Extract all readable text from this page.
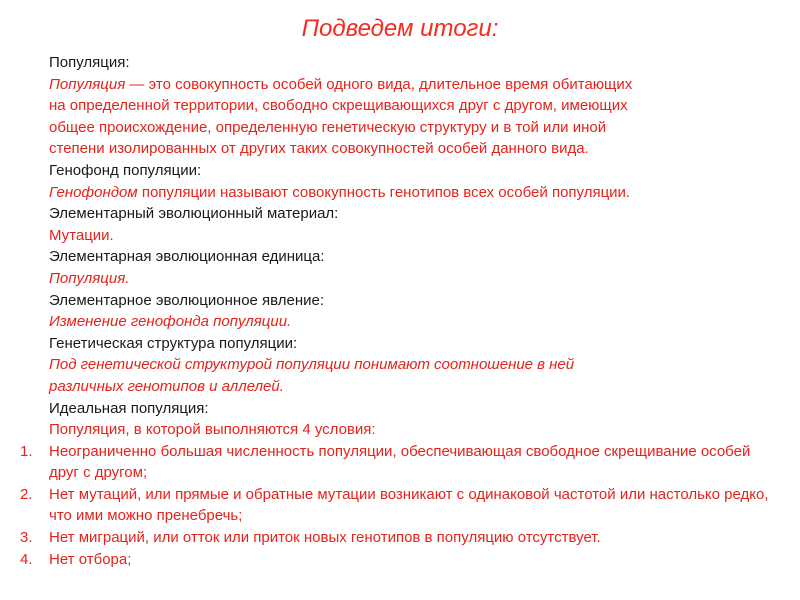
Подведем итоги:
Популяция:
Популяция — это совокупность особей одного вида, длительное время обитающих
на определенной территории, свободно скрещивающихся друг с другом, имеющих
общее происхождение, определенную генетическую структуру и в той или иной
степени изолированных от других таких совокупностей особей данного вида.
Генофонд популяции:
Генофондом популяции называют совокупность генотипов всех особей популяции.
Элементарный эволюционный материал:
Мутации.
Элементарная эволюционная единица:
Популяция.
Элементарное эволюционное явление:
Изменение генофонда популяции.
Генетическая структура популяции:
Под генетической структурой популяции понимают соотношение в ней
различных генотипов и аллелей.
Идеальная популяция:
Популяция, в которой выполняются 4 условия:
1.	Неограниченно большая численность популяции, обеспечивающая свободное скрещивание особей друг с другом;
2.	Нет мутаций, или прямые и обратные мутации возникают с одинаковой частотой или настолько редко, что ими можно пренебречь;
3.	Нет миграций, или отток или приток новых генотипов в популяцию отсутствует.
4.	Нет отбора;
